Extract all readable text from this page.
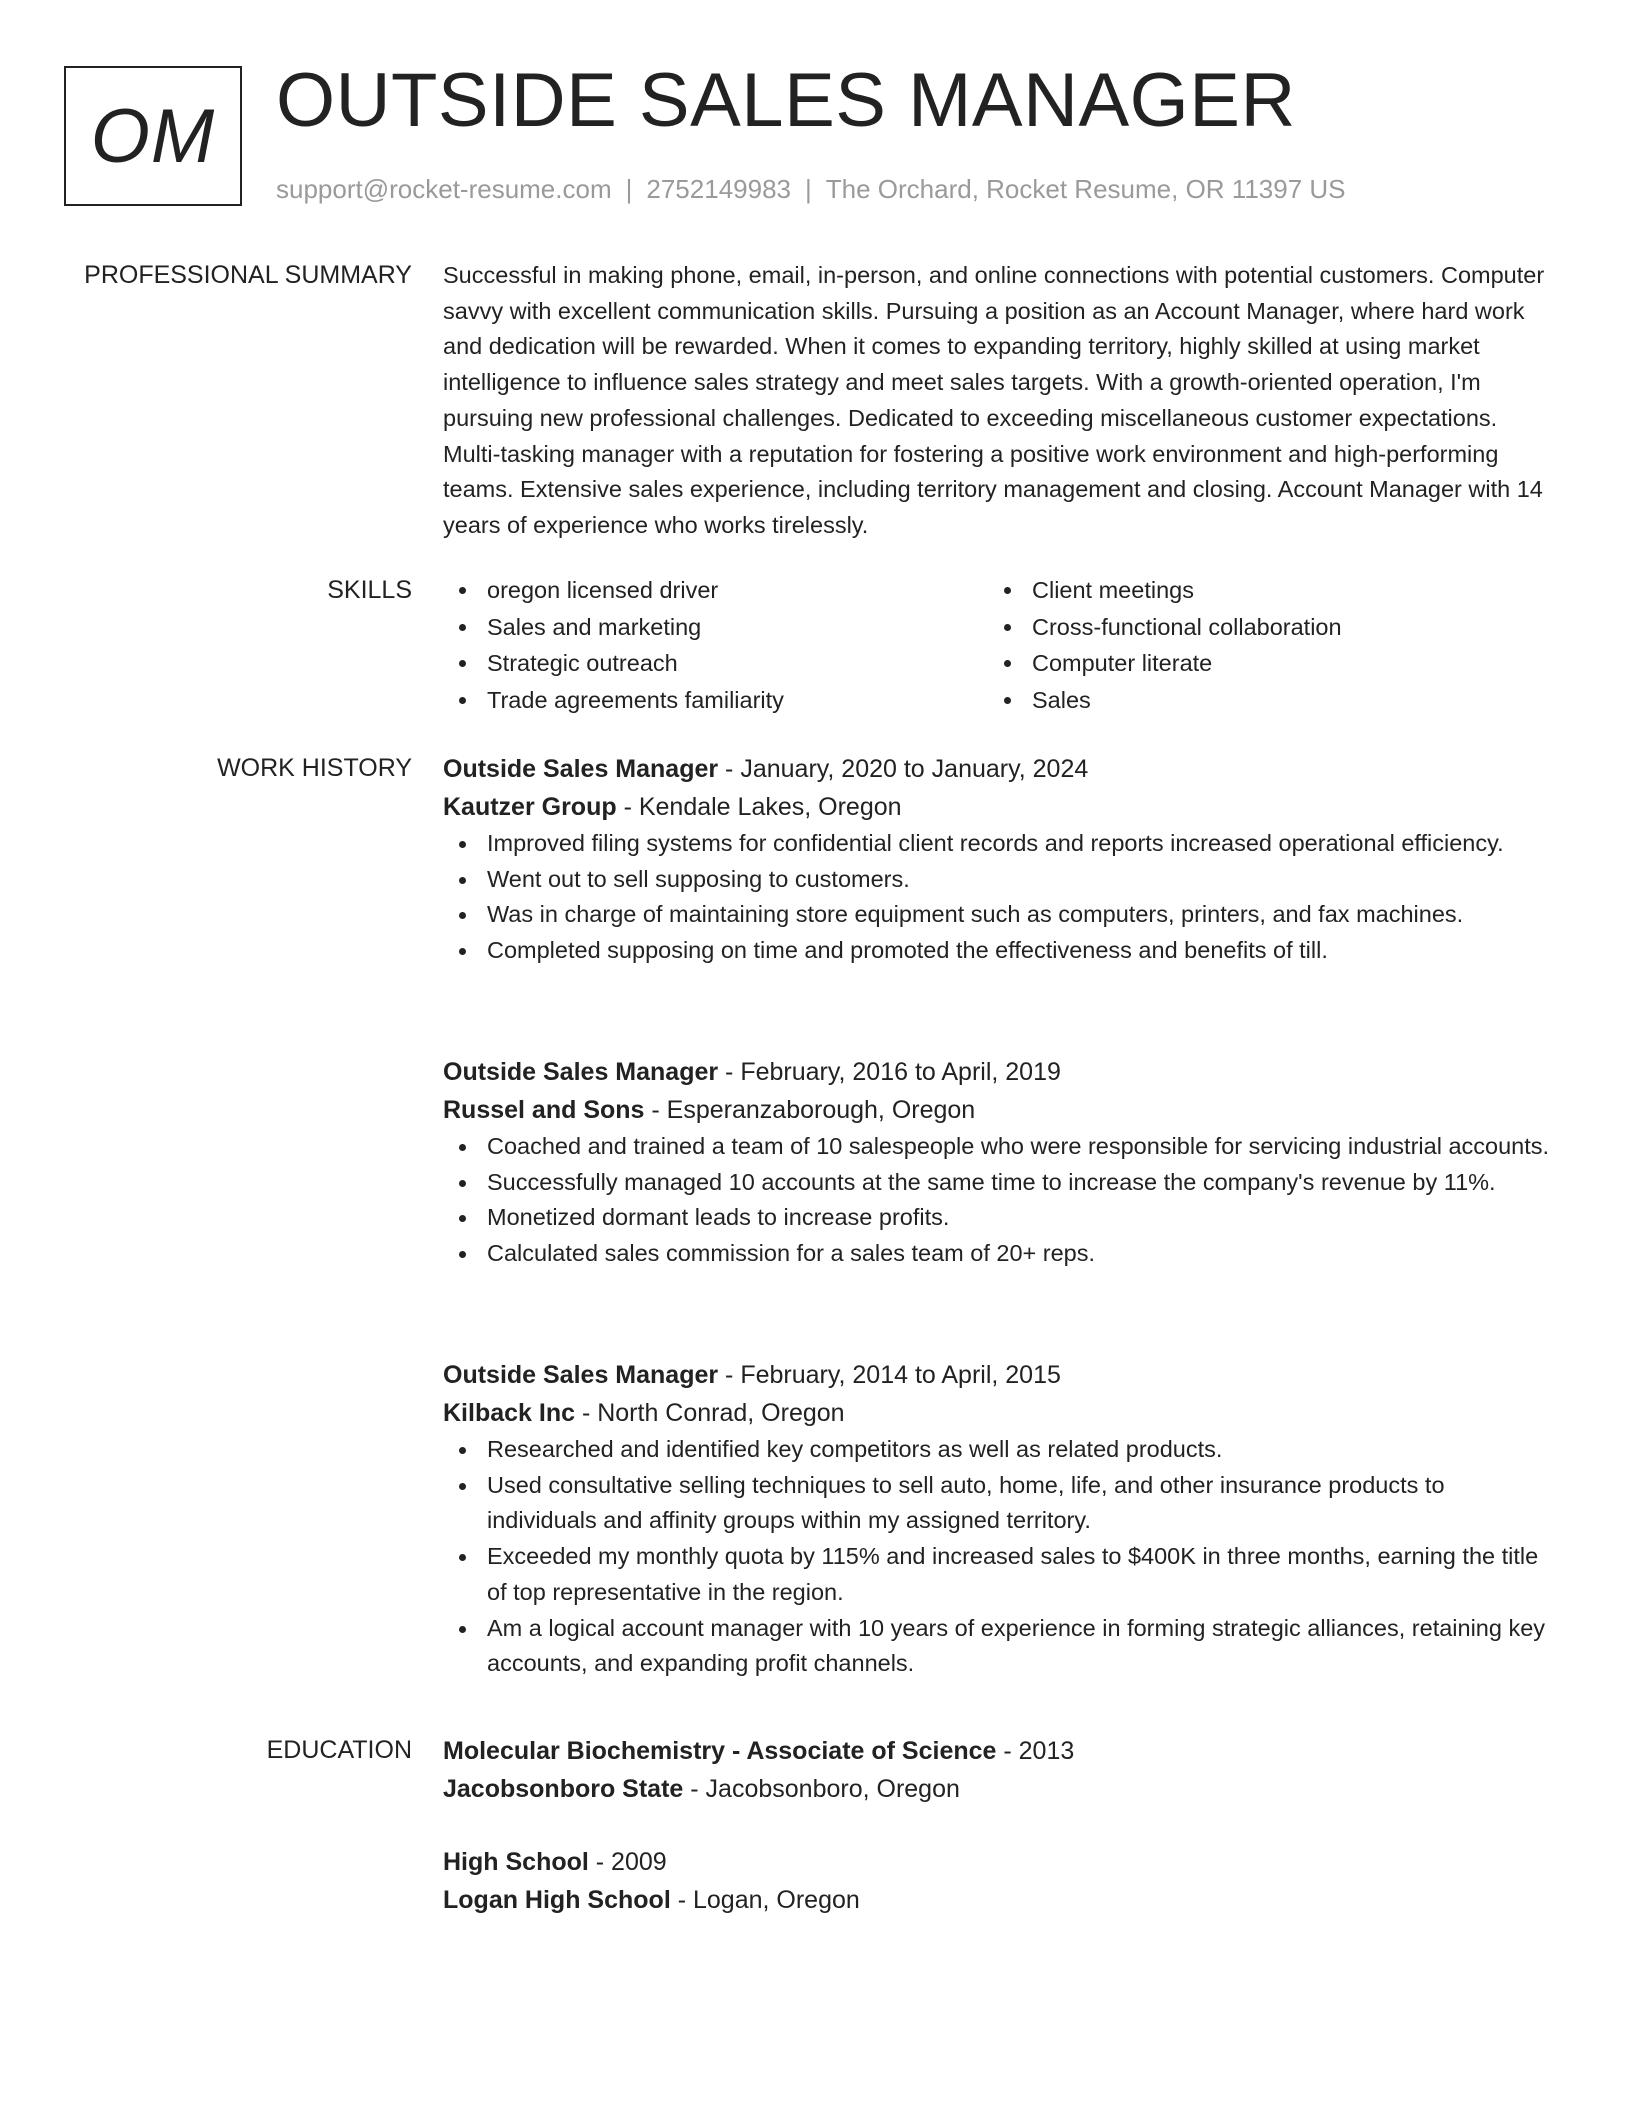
OM OUTSIDE SALES MANAGER
support@rocket-resume.com | 2752149983 | The Orchard, Rocket Resume, OR 11397 US
PROFESSIONAL SUMMARY Successful in making phone, email, in-person, and online connections with potential customers. Computer savvy with excellent communication skills. Pursuing a position as an Account Manager, where hard work and dedication will be rewarded. When it comes to expanding territory, highly skilled at using market intelligence to influence sales strategy and meet sales targets. With a growth-oriented operation, I'm pursuing new professional challenges. Dedicated to exceeding miscellaneous customer expectations. Multi-tasking manager with a reputation for fostering a positive work environment and high-performing teams. Extensive sales experience, including territory management and closing. Account Manager with 14 years of experience who works tirelessly.

SKILLS	oregon licensed driver
Sales and marketing
Strategic outreach
Trade agreements familiarity
Client meetings
Cross-functional collaboration
Computer literate
Sales
WORK HISTORY Outside Sales Manager - January, 2020 to January, 2024
Kautzer Group - Kendale Lakes, Oregon
Improved filing systems for confidential client records and reports increased operational efficiency.
Went out to sell supposing to customers.
Was in charge of maintaining store equipment such as computers, printers, and fax machines.
Completed supposing on time and promoted the effectiveness and benefits of till.
Outside Sales Manager - February, 2016 to April, 2019
Russel and Sons - Esperanzaborough, Oregon
Coached and trained a team of 10 salespeople who were responsible for servicing industrial accounts.
Successfully managed 10 accounts at the same time to increase the company's revenue by 11%.
Monetized dormant leads to increase profits.
Calculated sales commission for a sales team of 20+ reps.
Outside Sales Manager - February, 2014 to April, 2015
Kilback Inc - North Conrad, Oregon
Researched and identified key competitors as well as related products.
Used consultative selling techniques to sell auto, home, life, and other insurance products to individuals and affinity groups within my assigned territory.
Exceeded my monthly quota by 115% and increased sales to $400K in three months, earning the title of top representative in the region.
Am a logical account manager with 10 years of experience in forming strategic alliances, retaining key accounts, and expanding profit channels.
EDUCATION Molecular Biochemistry - Associate of Science - 2013
Jacobsonboro State - Jacobsonboro, Oregon
High School - 2009
Logan High School - Logan, Oregon
